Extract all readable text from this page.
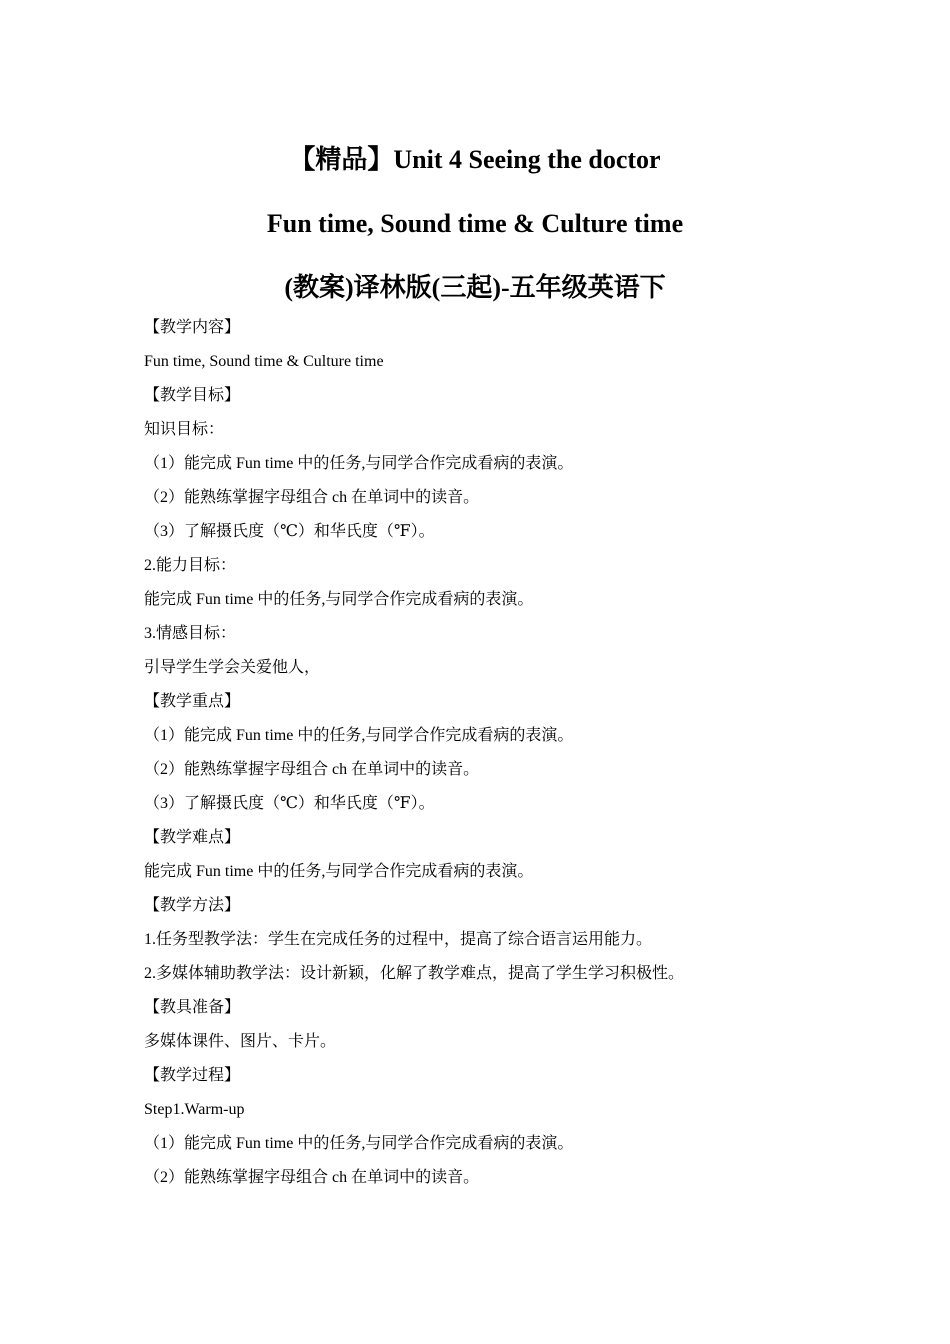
【精品】Unit 4 Seeing the doctor
Fun time, Sound time & Culture time
(教案)译林版(三起)-五年级英语下
【教学内容】
Fun time, Sound time & Culture time
【教学目标】
知识目标：
（1）能完成 Fun time 中的任务,与同学合作完成看病的表演。
（2）能熟练掌握字母组合 ch 在单词中的读音。
（3）了解摄氏度（℃）和华氏度（℉）。
2.能力目标：
能完成 Fun time 中的任务,与同学合作完成看病的表演。
3.情感目标：
引导学生学会关爱他人，
【教学重点】
（1）能完成 Fun time 中的任务,与同学合作完成看病的表演。
（2）能熟练掌握字母组合 ch 在单词中的读音。
（3）了解摄氏度（℃）和华氏度（℉）。
【教学难点】
能完成 Fun time 中的任务,与同学合作完成看病的表演。
【教学方法】
1.任务型教学法：学生在完成任务的过程中，提高了综合语言运用能力。
2.多媒体辅助教学法：设计新颖，化解了教学难点，提高了学生学习积极性。
【教具准备】
多媒体课件、图片、卡片。
【教学过程】
Step1.Warm-up
（1）能完成 Fun time 中的任务,与同学合作完成看病的表演。
（2）能熟练掌握字母组合 ch 在单词中的读音。
